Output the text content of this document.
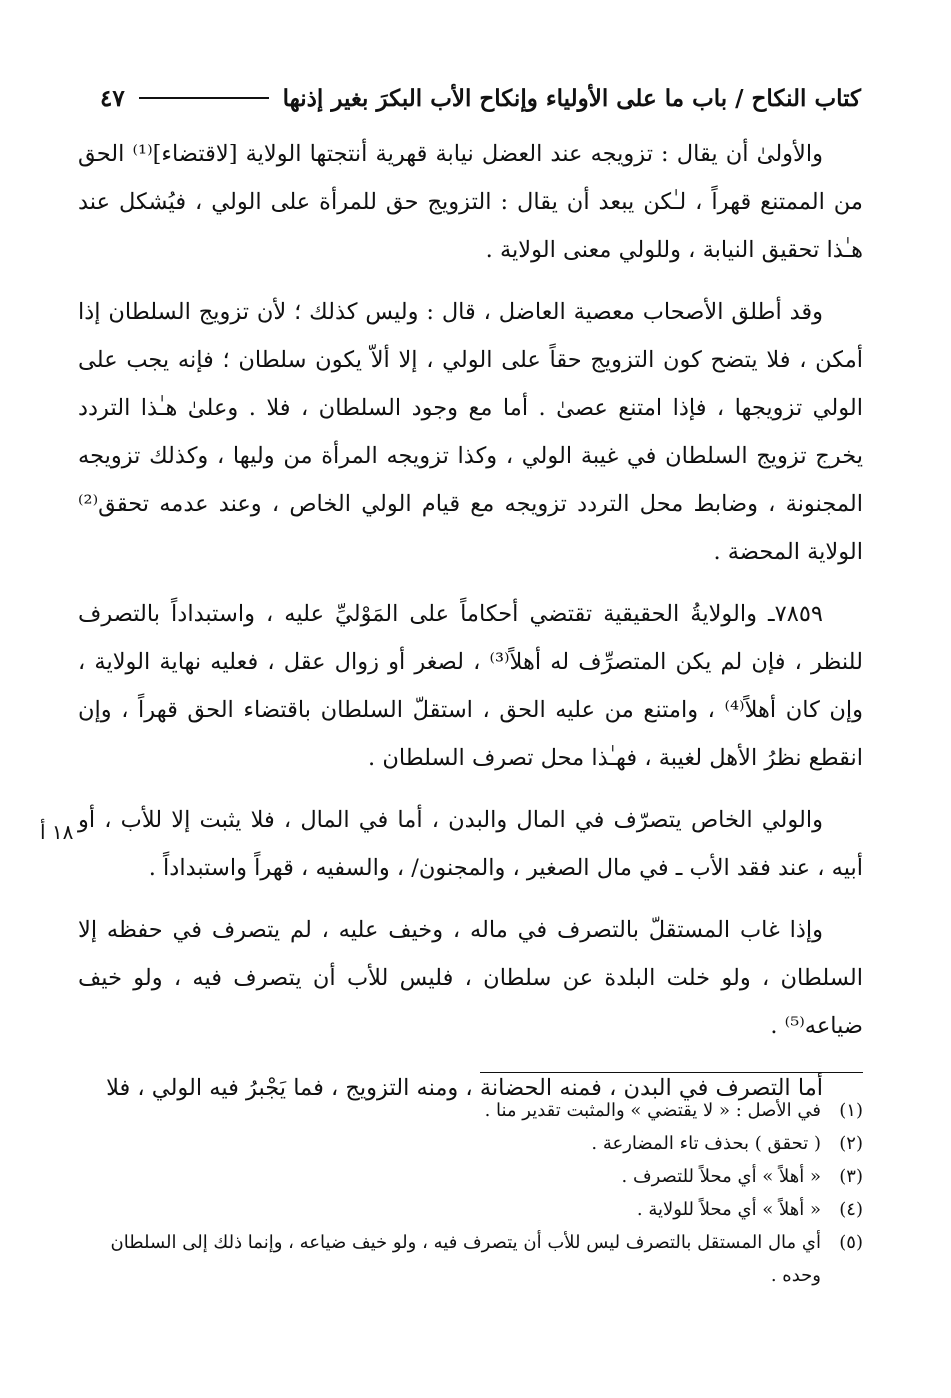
كتاب النكاح / باب ما على الأولياء وإنكاح الأب البكرَ بغير إذنها
٤٧

والأولىٰ أن يقال : تزويجه عند العضل نيابة قهرية أنتجتها الولاية [لاقتضاء]⁽¹⁾ الحق من الممتنع قهراً ، لـٰكن يبعد أن يقال : التزويج حق للمرأة على الولي ، فيُشكل عند هـٰذا تحقيق النيابة ، وللولي معنى الولاية .

وقد أطلق الأصحاب معصية العاضل ، قال : وليس كذلك ؛ لأن تزويج السلطان إذا أمكن ، فلا يتضح كون التزويج حقاً على الولي ، إلا ألاّ يكون سلطان ؛ فإنه يجب على الولي تزويجها ، فإذا امتنع عصىٰ . أما مع وجود السلطان ، فلا . وعلىٰ هـٰذا التردد يخرج تزويج السلطان في غيبة الولي ، وكذا تزويجه المرأة من وليها ، وكذلك تزويجه المجنونة ، وضابط محل التردد تزويجه مع قيام الولي الخاص ، وعند عدمه تحقق⁽²⁾ الولاية المحضة .

٧٨٥٩ـ والولايةُ الحقيقية تقتضي أحكاماً على المَوْليِّ عليه ، واستبداداً بالتصرف للنظر ، فإن لم يكن المتصرِّف له أهلاً⁽³⁾ ، لصغر أو زوال عقل ، فعليه نهاية الولاية ، وإن كان أهلاً⁽⁴⁾ ، وامتنع من عليه الحق ، استقلّ السلطان باقتضاء الحق قهراً ، وإن انقطع نظرُ الأهل لغيبة ، فهـٰذا محل تصرف السلطان .

والولي الخاص يتصرّف في المال والبدن ، أما في المال ، فلا يثبت إلا للأب ، أو أبيه ، عند فقد الأب ـ في مال الصغير ، والمجنون/ ، والسفيه ، قهراً واستبداداً .

وإذا غاب المستقلّ بالتصرف في ماله ، وخيف عليه ، لم يتصرف في حفظه إلا السلطان ، ولو خلت البلدة عن سلطان ، فليس للأب أن يتصرف فيه ، ولو خيف ضياعه⁽⁵⁾ .

أما التصرف في البدن ، فمنه الحضانة ، ومنه التزويج ، فما يَجْبرُ فيه الولي ، فلا

١٨ أ
(١)
في الأصل : « لا يقتضي » والمثبت تقدير منا .
(٢)
( تحقق ) بحذف تاء المضارعة .
(٣)
« أهلاً » أي محلاً للتصرف .
(٤)
« أهلاً » أي محلاً للولاية .
(٥)
أي مال المستقل بالتصرف ليس للأب أن يتصرف فيه ، ولو خيف ضياعه ، وإنما ذلك إلى السلطان وحده .
